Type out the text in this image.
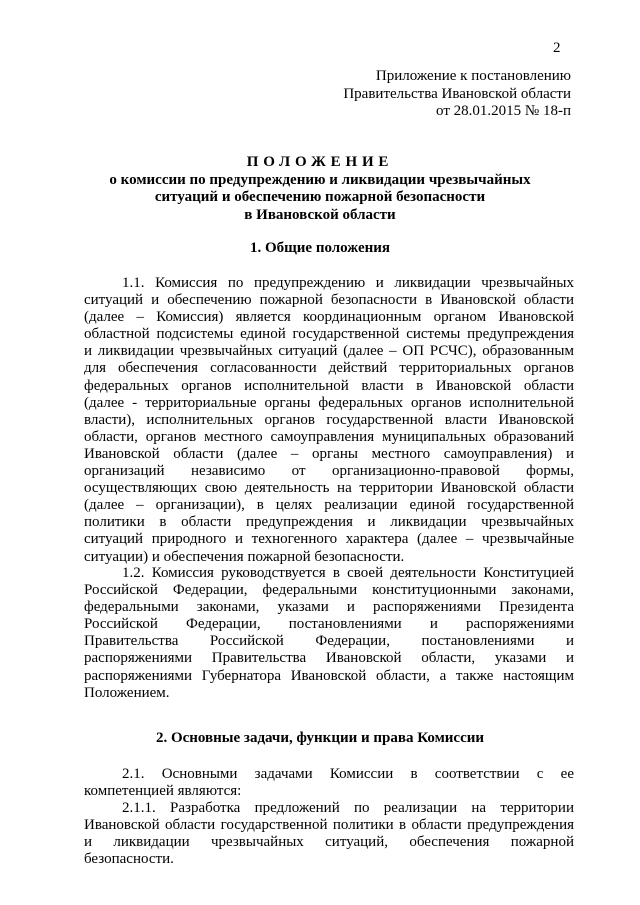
2
Приложение к постановлению
Правительства Ивановской области
от 28.01.2015 № 18-п
ПОЛОЖЕНИЕ
о комиссии по предупреждению и ликвидации чрезвычайных
ситуаций и обеспечению пожарной безопасности
в Ивановской области
1. Общие положения
1.1. Комиссия по предупреждению и ликвидации чрезвычайных
ситуаций и обеспечению пожарной безопасности в Ивановской области
(далее – Комиссия) является координационным органом Ивановской
областной подсистемы единой государственной системы предупреждения
и ликвидации чрезвычайных ситуаций (далее – ОП РСЧС), образованным
для обеспечения согласованности действий территориальных органов
федеральных органов исполнительной власти в Ивановской области
(далее - территориальные органы федеральных органов исполнительной
власти), исполнительных органов государственной власти Ивановской
области, органов местного самоуправления муниципальных образований
Ивановской области (далее – органы местного самоуправления) и
организаций независимо от организационно-правовой формы,
осуществляющих свою деятельность на территории Ивановской области
(далее – организации), в целях реализации единой государственной
политики в области предупреждения и ликвидации чрезвычайных
ситуаций природного и техногенного характера (далее – чрезвычайные
ситуации) и обеспечения пожарной безопасности.
1.2. Комиссия руководствуется в своей деятельности Конституцией
Российской Федерации, федеральными конституционными законами,
федеральными законами, указами и распоряжениями Президента
Российской Федерации, постановлениями и распоряжениями
Правительства Российской Федерации, постановлениями и
распоряжениями Правительства Ивановской области, указами и
распоряжениями Губернатора Ивановской области, а также настоящим
Положением.
2. Основные задачи, функции и права Комиссии
2.1. Основными задачами Комиссии в соответствии с ее
компетенцией являются:
2.1.1. Разработка предложений по реализации на территории
Ивановской области государственной политики в области предупреждения
и ликвидации чрезвычайных ситуаций, обеспечения пожарной
безопасности.
